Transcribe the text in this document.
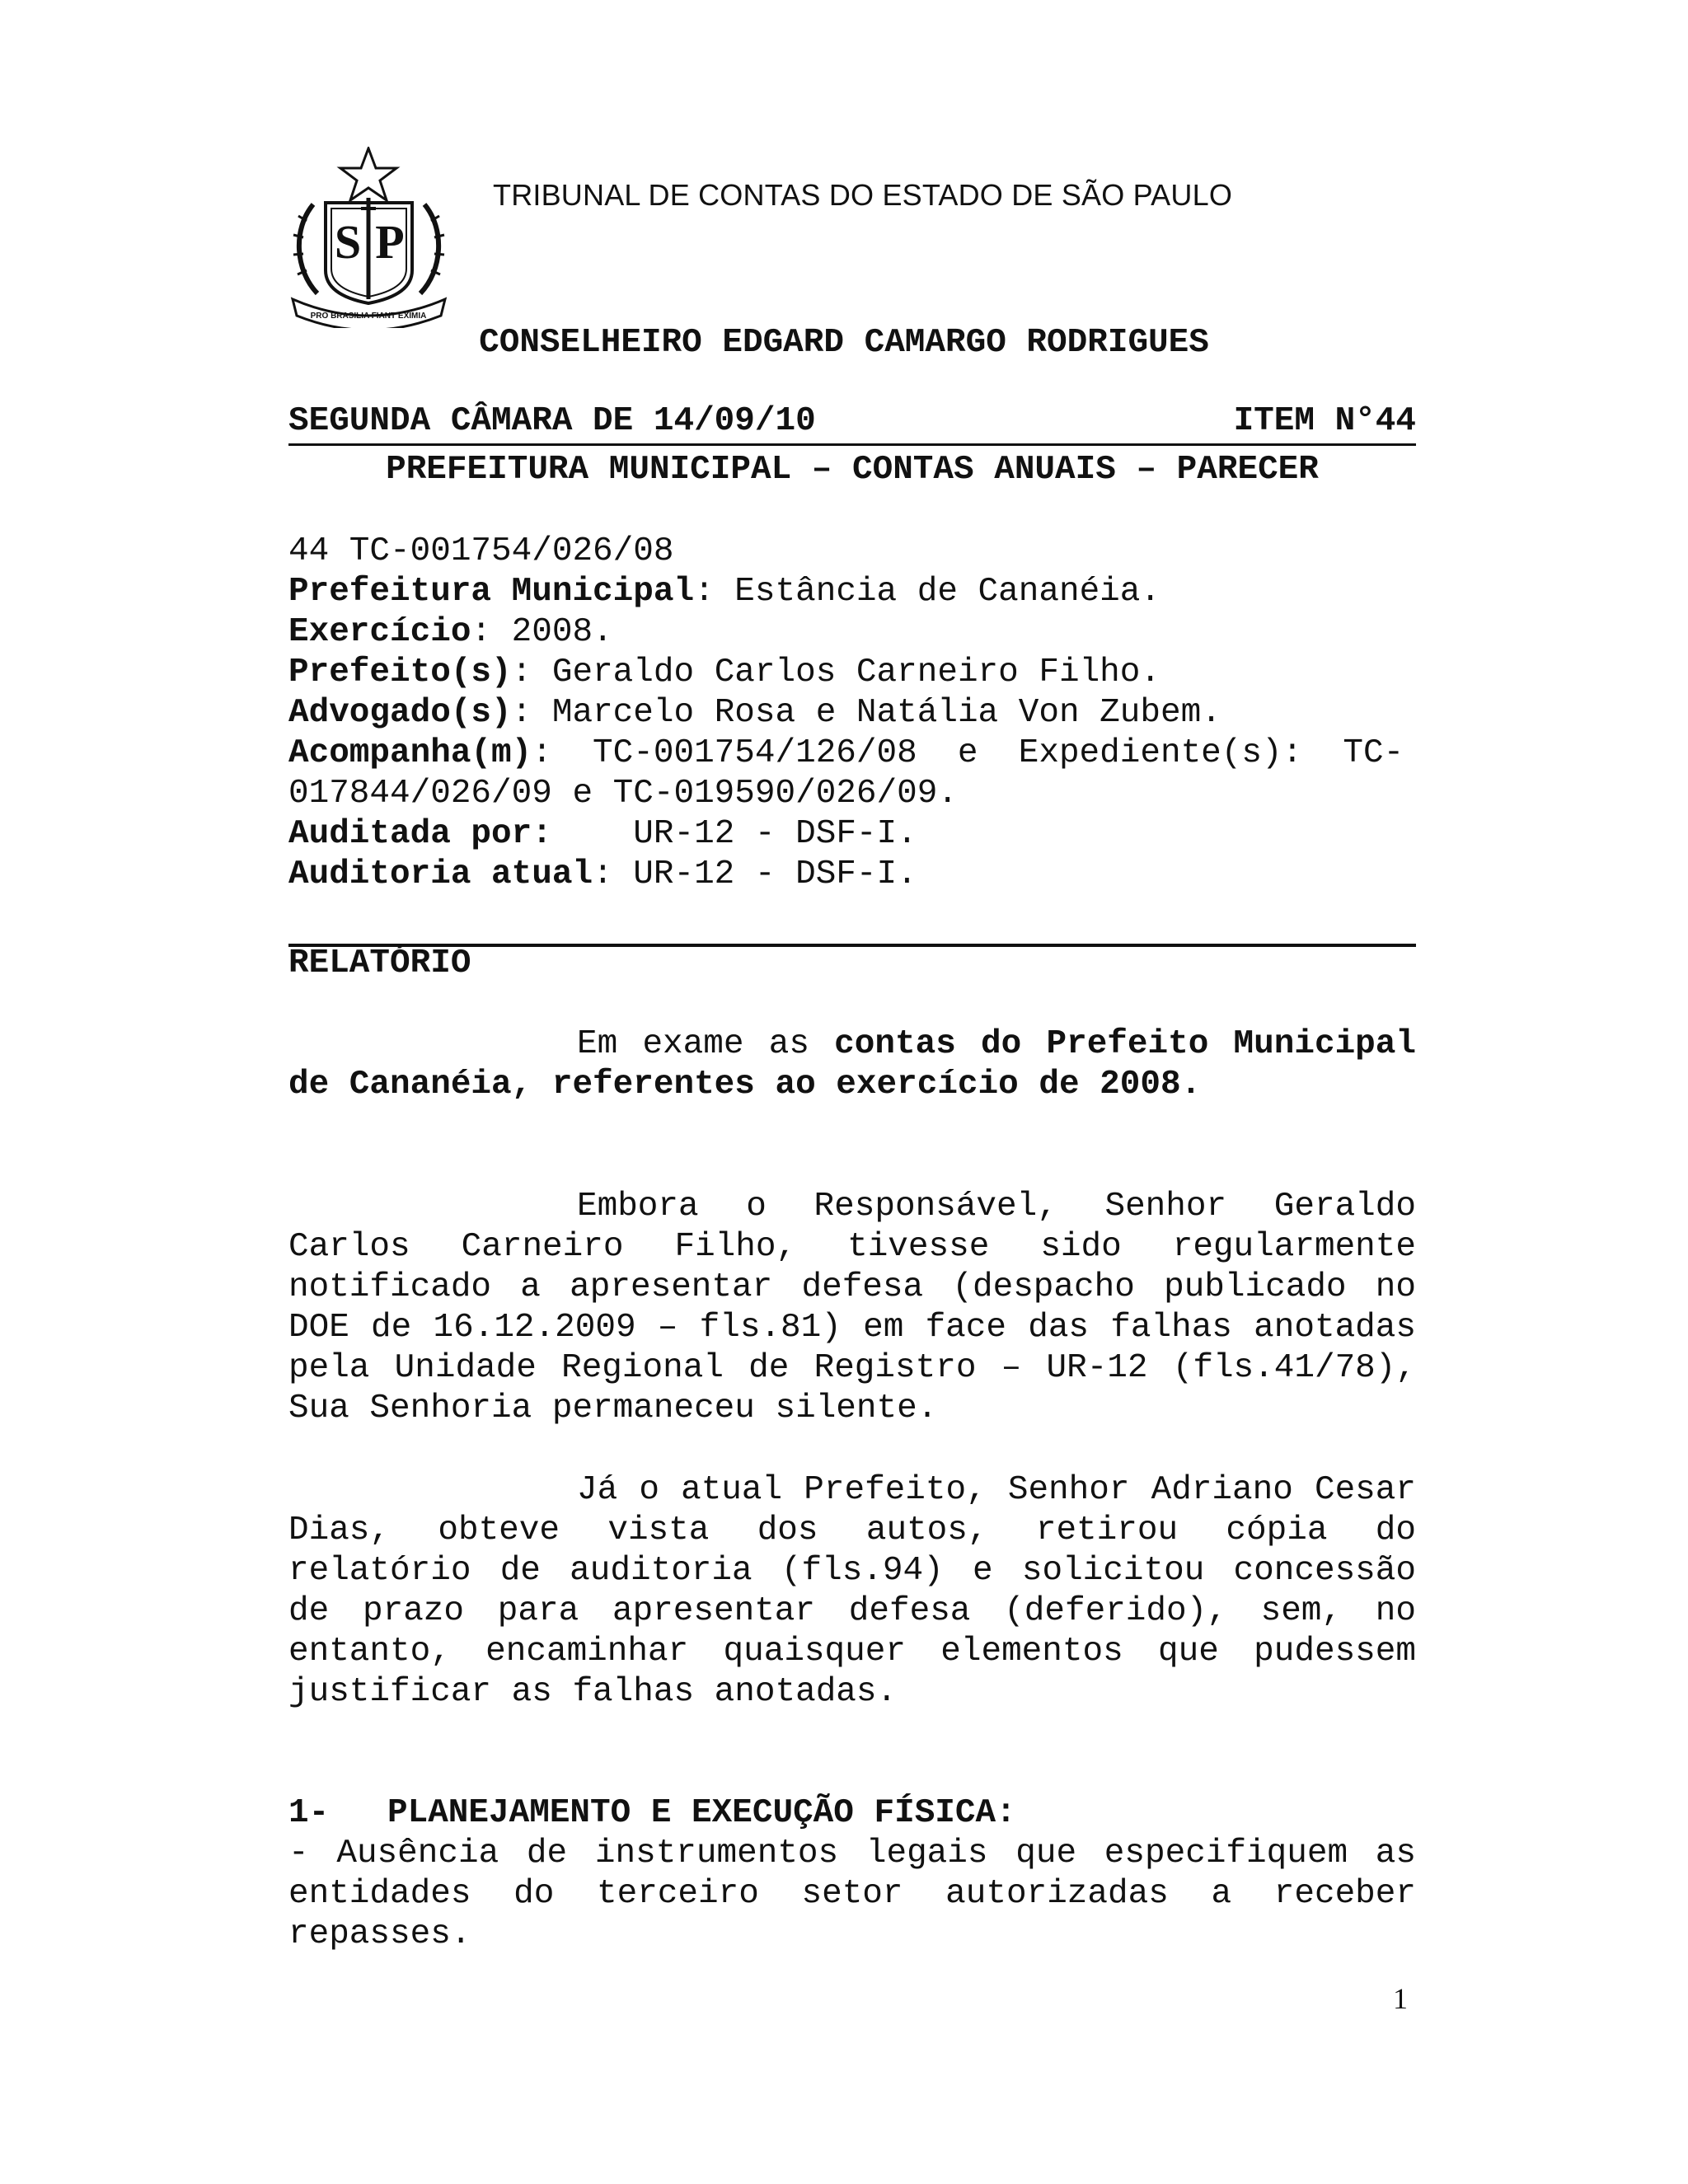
S P
PRO BRASILIA FIANT EXIMIA
TRIBUNAL DE CONTAS DO ESTADO DE SÃO PAULO
CONSELHEIRO EDGARD CAMARGO RODRIGUES
SEGUNDA CÂMARA DE 14/09/10	ITEM N°44
PREFEITURA MUNICIPAL – CONTAS ANUAIS – PARECER
44 TC-001754/026/08
Prefeitura Municipal: Estância de Cananéia.
Exercício: 2008.
Prefeito(s): Geraldo Carlos Carneiro Filho.
Advogado(s): Marcelo Rosa e Natália Von Zubem.
Acompanha(m):  TC-001754/126/08  e  Expediente(s):  TC-
017844/026/09 e TC-019590/026/09.
Auditada por:    UR-12 - DSF-I.
Auditoria atual: UR-12 - DSF-I.
RELATÓRIO
Em exame as contas do Prefeito Municipal de Cananéia, referentes ao exercício de 2008.
Embora o Responsável, Senhor Geraldo Carlos Carneiro Filho, tivesse sido regularmente notificado a apresentar defesa (despacho publicado no DOE de 16.12.2009 – fls.81) em face das falhas anotadas pela Unidade Regional de Registro – UR-12 (fls.41/78), Sua Senhoria permaneceu silente.
Já o atual Prefeito, Senhor Adriano Cesar Dias, obteve vista dos autos, retirou cópia do relatório de auditoria (fls.94) e solicitou concessão de prazo para apresentar defesa (deferido), sem, no entanto, encaminhar quaisquer elementos que pudessem justificar as falhas anotadas.
1- PLANEJAMENTO E EXECUÇÃO FÍSICA:
- Ausência de instrumentos legais que especifiquem as entidades do terceiro setor autorizadas a receber repasses.
1
